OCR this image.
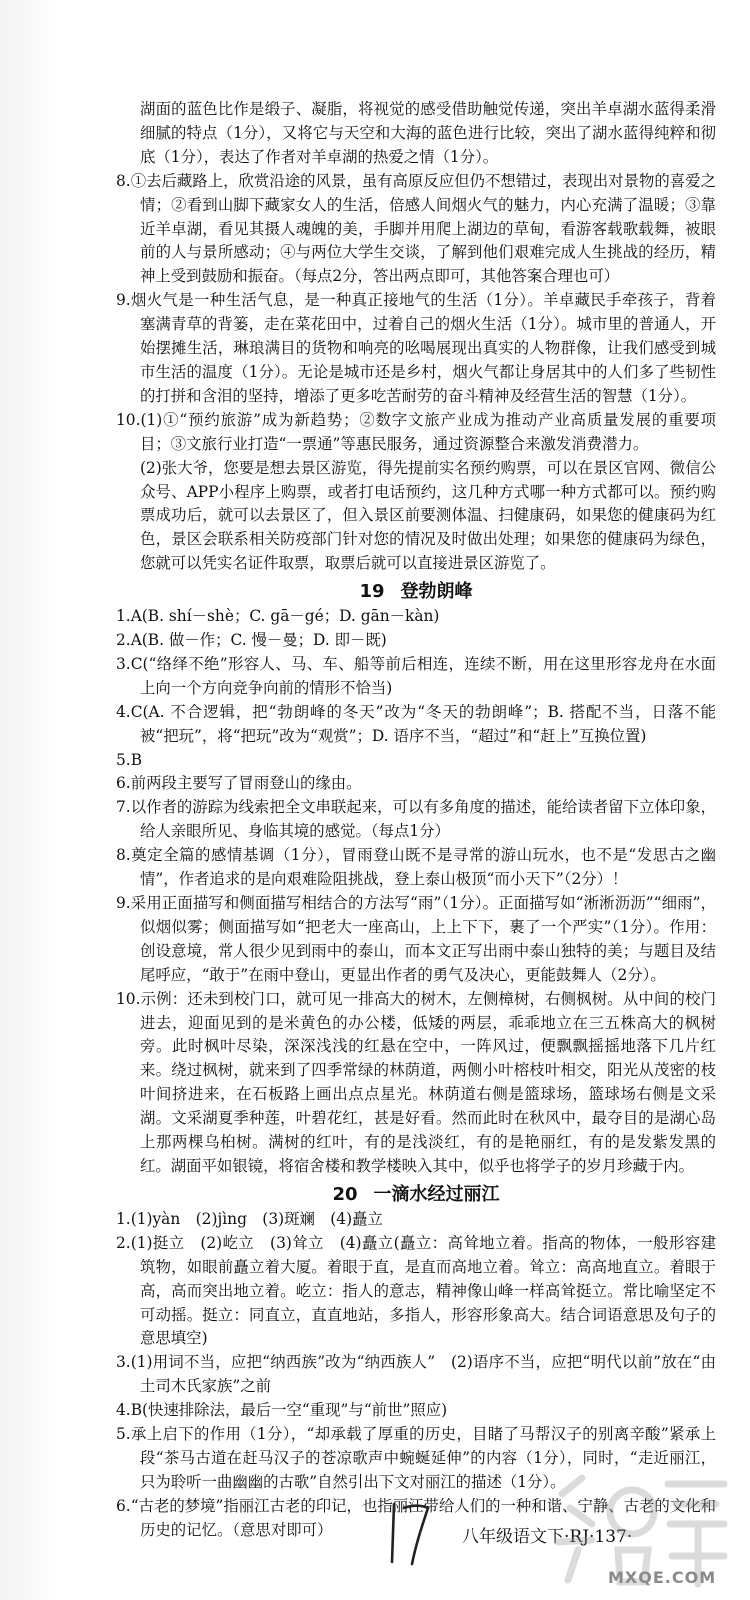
湖面的蓝色比作是缎子、凝脂，将视觉的感受借助触觉传递，突出羊卓湖水蓝得柔滑细腻的特点（1分），又将它与天空和大海的蓝色进行比较，突出了湖水蓝得纯粹和彻底（1分），表达了作者对羊卓湖的热爱之情（1分）。

8.①去后藏路上，欣赏沿途的风景，虽有高原反应但仍不想错过，表现出对景物的喜爱之情；②看到山脚下藏家女人的生活，倍感人间烟火气的魅力，内心充满了温暖；③靠近羊卓湖，看见其摄人魂魄的美，手脚并用爬上湖边的草甸，看游客载歌载舞，被眼前的人与景所感动；④与两位大学生交谈，了解到他们艰难完成人生挑战的经历，精神上受到鼓励和振奋。（每点2分，答出两点即可，其他答案合理也可）

9.烟火气是一种生活气息，是一种真正接地气的生活（1分）。羊卓藏民手牵孩子，背着塞满青草的背篓，走在菜花田中，过着自己的烟火生活（1分）。城市里的普通人，开始摆摊生活，琳琅满目的货物和响亮的吆喝展现出真实的人物群像，让我们感受到城市生活的温度（1分）。无论是城市还是乡村，烟火气都让身居其中的人们多了些韧性的打拼和含泪的坚持，增添了更多吃苦耐劳的奋斗精神及经营生活的智慧（1分）。

10.(1)①“预约旅游”成为新趋势；②数字文旅产业成为推动产业高质量发展的重要项目；③文旅行业打造“一票通”等惠民服务，通过资源整合来激发消费潜力。

(2)张大爷，您要是想去景区游览，得先提前实名预约购票，可以在景区官网、微信公众号、APP小程序上购票，或者打电话预约，这几种方式哪一种方式都可以。预约购票成功后，就可以去景区了，但入景区前要测体温、扫健康码，如果您的健康码为红色，景区会联系相关防疫部门针对您的情况及时做出处理；如果您的健康码为绿色，您就可以凭实名证件取票，取票后就可以直接进景区游览了。

19 登勃朗峰

1.A(B. shí－shè；C. gā－gé；D. gān－kàn)

2.A(B. 做－作；C. 慢－曼；D. 即－既)

3.C(“络绎不绝”形容人、马、车、船等前后相连，连续不断，用在这里形容龙舟在水面上向一个方向竞争向前的情形不恰当)

4.C(A. 不合逻辑，把“勃朗峰的冬天”改为“冬天的勃朗峰”；B. 搭配不当，日落不能被“把玩”，将“把玩”改为“观赏”；D. 语序不当，“超过”和“赶上”互换位置)

5.B

6.前两段主要写了冒雨登山的缘由。

7.以作者的游踪为线索把全文串联起来，可以有多角度的描述，能给读者留下立体印象，给人亲眼所见、身临其境的感觉。（每点1分）

8.奠定全篇的感情基调（1分），冒雨登山既不是寻常的游山玩水，也不是“发思古之幽情”，作者追求的是向艰难险阻挑战，登上泰山极顶“而小天下”（2分）！

9.采用正面描写和侧面描写相结合的方法写“雨”（1分）。正面描写如“淅淅沥沥”“细雨”，似烟似雾；侧面描写如“把老大一座高山，上上下下，裹了一个严实”（1分）。作用：创设意境，常人很少见到雨中的泰山，而本文正写出雨中泰山独特的美；与题目及结尾呼应，“敢于”在雨中登山，更显出作者的勇气及决心，更能鼓舞人（2分）。

10.示例：还未到校门口，就可见一排高大的树木，左侧樟树，右侧枫树。从中间的校门进去，迎面见到的是米黄色的办公楼，低矮的两层，乖乖地立在三五株高大的枫树旁。此时枫叶尽染，深深浅浅的红悬在空中，一阵风过，便飘飘摇摇地落下几片红来。绕过枫树，就来到了四季常绿的林荫道，两侧小叶榕枝叶相交，阳光从茂密的枝叶间挤进来，在石板路上画出点点星光。林荫道右侧是篮球场，篮球场右侧是文采湖。文采湖夏季种莲，叶碧花红，甚是好看。然而此时在秋风中，最夺目的是湖心岛上那两棵乌桕树。满树的红叶，有的是浅淡红，有的是艳丽红，有的是发紫发黑的红。湖面平如银镜，将宿舍楼和教学楼映入其中，似乎也将学子的岁月珍藏于内。

20 一滴水经过丽江

1.(1)yàn　(2)jìng　(3)斑斓　(4)矗立

2.(1)挺立　(2)屹立　(3)耸立　(4)矗立(矗立：高耸地立着。指高的物体，一般形容建筑物，如眼前矗立着大厦。着眼于直，是直而高地立着。耸立：高高地直立。着眼于高，高而突出地立着。屹立：指人的意志，精神像山峰一样高耸挺立。常比喻坚定不可动摇。挺立：同直立，直直地站，多指人，形容形象高大。结合词语意思及句子的意思填空)

3.(1)用词不当，应把“纳西族”改为“纳西族人”　(2)语序不当，应把“明代以前”放在“由土司木氏家族”之前

4.B(快速排除法，最后一空“重现”与“前世”照应)

5.承上启下的作用（1分），“却承载了厚重的历史，目睹了马帮汉子的别离辛酸”紧承上段“茶马古道在赶马汉子的苍凉歌声中蜿蜒延伸”的内容（1分），同时，“走近丽江，只为聆听一曲幽幽的古歌”自然引出下文对丽江的描述（1分）。

6.“古老的梦境”指丽江古老的印记，也指丽江带给人们的一种和谐、宁静、古老的文化和历史的记忆。（意思对即可）	八年级语文下·RJ·137·
MXQE.COM
